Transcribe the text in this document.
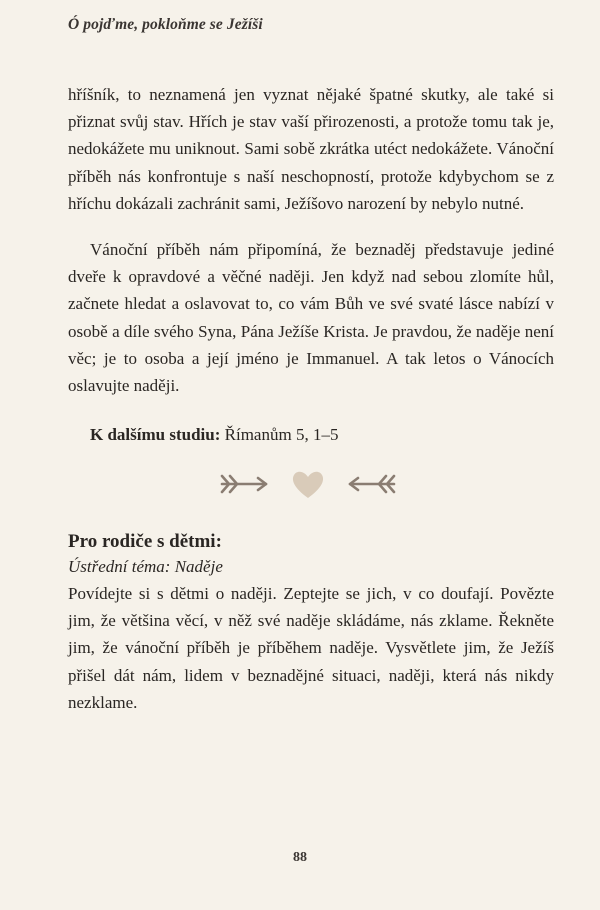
Ó pojďme, pokloňme se Ježíši

hříšník, to neznamená jen vyznat nějaké špatné skutky, ale také si přiznat svůj stav. Hřích je stav vaší přirozenosti, a protože tomu tak je, nedokážete mu uniknout. Sami sobě zkrátka utéct nedokážete. Vánoční příběh nás konfrontuje s naší neschopností, protože kdybychom se z hříchu dokázali zachránit sami, Ježíšovo narození by nebylo nutné.

Vánoční příběh nám připomíná, že beznaděj představuje jediné dveře k opravdové a věčné naději. Jen když nad sebou zlomíte hůl, začnete hledat a oslavovat to, co vám Bůh ve své svaté lásce nabízí v osobě a díle svého Syna, Pána Ježíše Krista. Je pravdou, že naděje není věc; je to osoba a její jméno je Immanuel. A tak letos o Vánocích oslavujte naději.

K dalšímu studiu: Římanům 5, 1–5
Pro rodiče s dětmi:
Ústřední téma: Naděje

Povídejte si s dětmi o naději. Zeptejte se jich, v co doufají. Povězte jim, že většina věcí, v něž své naděje skládáme, nás zklame. Řekněte jim, že vánoční příběh je příběhem naděje. Vysvětlete jim, že Ježíš přišel dát nám, lidem v beznadějné situaci, naději, která nás nikdy nezklame.

88
